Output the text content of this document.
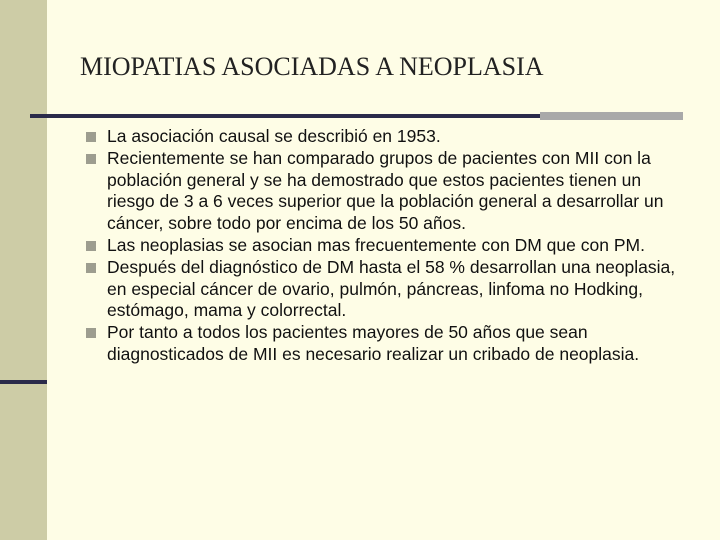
MIOPATIAS ASOCIADAS A NEOPLASIA
La asociación causal se describió en 1953.
Recientemente se han comparado grupos de pacientes con MII con la población general y se ha demostrado que estos pacientes tienen un riesgo de 3 a 6 veces superior que la población general a desarrollar un cáncer, sobre todo por encima de los 50 años.
Las neoplasias se asocian mas frecuentemente con DM que con PM.
Después del diagnóstico de DM hasta el 58 % desarrollan una neoplasia, en especial cáncer de ovario, pulmón, páncreas, linfoma no Hodking, estómago, mama y colorrectal.
Por tanto a todos los pacientes mayores de 50 años que sean diagnosticados de MII es necesario realizar un cribado de neoplasia.
